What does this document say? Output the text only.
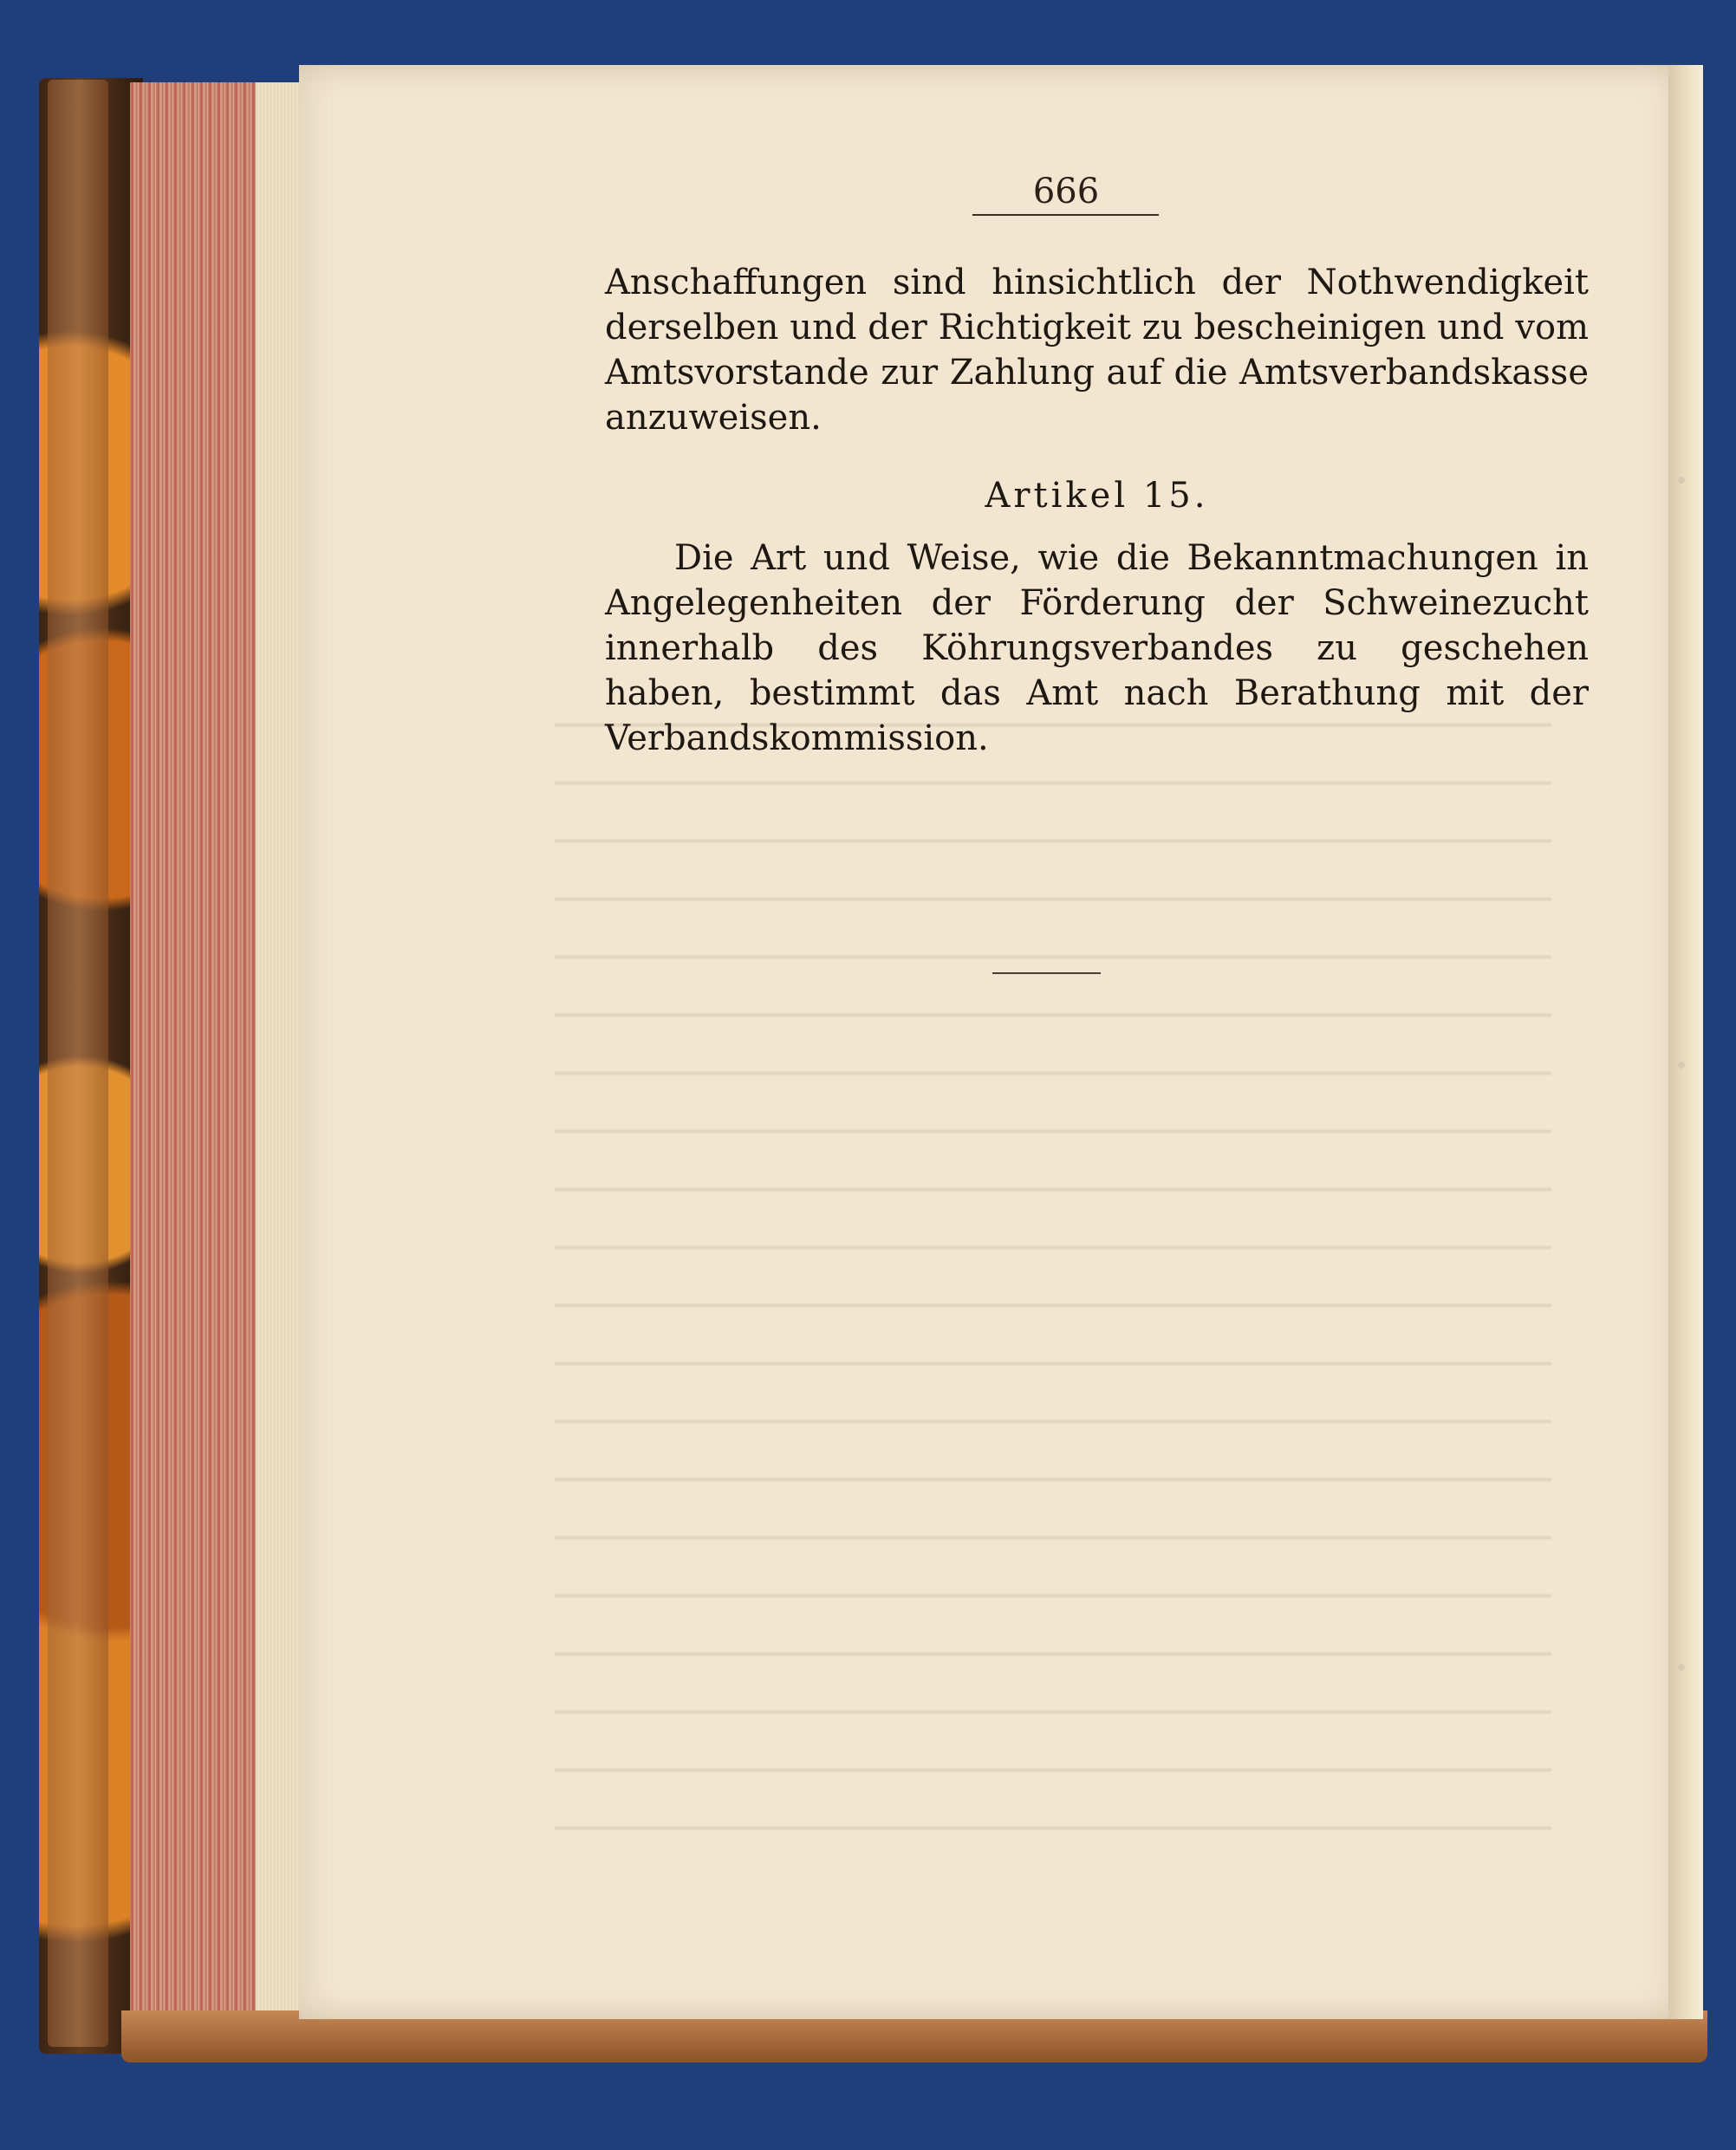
666

Anschaffungen sind hinsichtlich der Nothwendigkeit derselben und der Richtigkeit zu bescheinigen und vom Amtsvorstande zur Zahlung auf die Amtsverbandskasse anzuweisen.

Artikel 15.

Die Art und Weise, wie die Bekanntmachungen in Angelegenheiten der Förderung der Schweinezucht innerhalb des Köhrungsverbandes zu geschehen haben, bestimmt das Amt nach Berathung mit der Verbandskommission.
